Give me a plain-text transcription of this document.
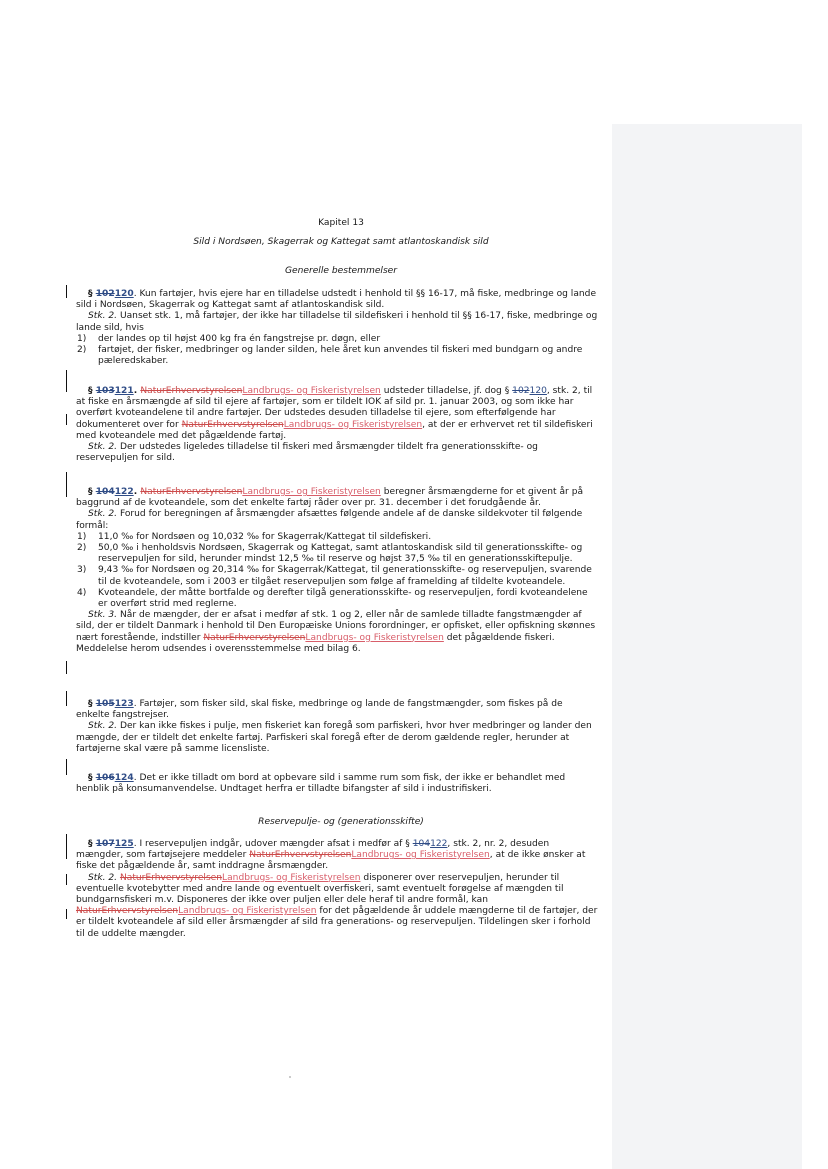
Kapitel 13
Sild i Nordsøen, Skagerrak og Kattegat samt atlantoskandisk sild
Generelle bestemmelser

§ 102120. Kun fartøjer, hvis ejere har en tilladelse udstedt i henhold til §§ 16-17, må fiske, medbringe og lande sild i Nordsøen, Skagerrak og Kattegat samt af atlantoskandisk sild.

Stk. 2. Uanset stk. 1, må fartøjer, der ikke har tilladelse til sildefiskeri i henhold til §§ 16-17, fiske, medbringe og lande sild, hvis

1) der landes op til højst 400 kg fra én fangstrejse pr. døgn, eller
2) fartøjet, der fisker, medbringer og lander silden, hele året kun anvendes til fiskeri med bundgarn og andre pæleredskaber.

§ 103121. NaturErhvervstyrelsenLandbrugs- og Fiskeristyrelsen udsteder tilladelse, jf. dog § 102120, stk. 2, til at fiske en årsmængde af sild til ejere af fartøjer, som er tildelt IOK af sild pr. 1. januar 2003, og som ikke har overført kvoteandelene til andre fartøjer. Der udstedes desuden tilladelse til ejere, som efterfølgende har dokumenteret over for NaturErhvervstyrelsenLandbrugs- og Fiskeristyrelsen, at der er erhvervet ret til sildefiskeri med kvoteandele med det pågældende fartøj.

Stk. 2. Der udstedes ligeledes tilladelse til fiskeri med årsmængder tildelt fra generationsskifte- og reservepuljen for sild.

§ 104122. NaturErhvervstyrelsenLandbrugs- og Fiskeristyrelsen beregner årsmængderne for et givent år på baggrund af de kvoteandele, som det enkelte fartøj råder over pr. 31. december i det forudgående år.

Stk. 2. Forud for beregningen af årsmængder afsættes følgende andele af de danske sildekvoter til følgende formål:

1) 11,0 ‰ for Nordsøen og 10,032 ‰ for Skagerrak/Kattegat til sildefiskeri.
2) 50,0 ‰ i henholdsvis Nordsøen, Skagerrak og Kattegat, samt atlantoskandisk sild til generationsskifte- og reservepuljen for sild, herunder mindst 12,5 ‰ til reserve og højst 37,5 ‰ til en generationsskiftepulje.
3) 9,43 ‰ for Nordsøen og 20,314 ‰ for Skagerrak/Kattegat, til generationsskifte- og reservepuljen, svarende til de kvoteandele, som i 2003 er tilgået reservepuljen som følge af framelding af tildelte kvoteandele.
4) Kvoteandele, der måtte bortfalde og derefter tilgå generationsskifte- og reservepuljen, fordi kvoteandelene er overført strid med reglerne.

Stk. 3. Når de mængder, der er afsat i medfør af stk. 1 og 2, eller når de samlede tilladte fangstmængder af sild, der er tildelt Danmark i henhold til Den Europæiske Unions forordninger, er opfisket, eller opfiskning skønnes nært forestående, indstiller NaturErhvervstyrelsenLandbrugs- og Fiskeristyrelsen det pågældende fiskeri. Meddelelse herom udsendes i overensstemmelse med bilag 6.

§ 105123. Fartøjer, som fisker sild, skal fiske, medbringe og lande de fangstmængder, som fiskes på de enkelte fangstrejser.

Stk. 2. Der kan ikke fiskes i pulje, men fiskeriet kan foregå som parfiskeri, hvor hver medbringer og lander den mængde, der er tildelt det enkelte fartøj. Parfiskeri skal foregå efter de derom gældende regler, herunder at fartøjerne skal være på samme licensliste.

§ 106124. Det er ikke tilladt om bord at opbevare sild i samme rum som fisk, der ikke er behandlet med henblik på konsumanvendelse. Undtaget herfra er tilladte bifangster af sild i industrifiskeri.

Reservepulje- og (generationsskifte)

§ 107125. I reservepuljen indgår, udover mængder afsat i medfør af § 104122, stk. 2, nr. 2, desuden mængder, som fartøjsejere meddeler NaturErhvervstyrelsenLandbrugs- og Fiskeristyrelsen, at de ikke ønsker at fiske det pågældende år, samt inddragne årsmængder.

Stk. 2. NaturErhvervstyrelsenLandbrugs- og Fiskeristyrelsen disponerer over reservepuljen, herunder til eventuelle kvotebytter med andre lande og eventuelt overfiskeri, samt eventuelt forøgelse af mængden til bundgarnsfiskeri m.v. Disponeres der ikke over puljen eller dele heraf til andre formål, kan NaturErhvervstyrelsenLandbrugs- og Fiskeristyrelsen for det pågældende år uddele mængderne til de fartøjer, der er tildelt kvoteandele af sild eller årsmængder af sild fra generations- og reservepuljen. Tildelingen sker i forhold til de uddelte mængder.
